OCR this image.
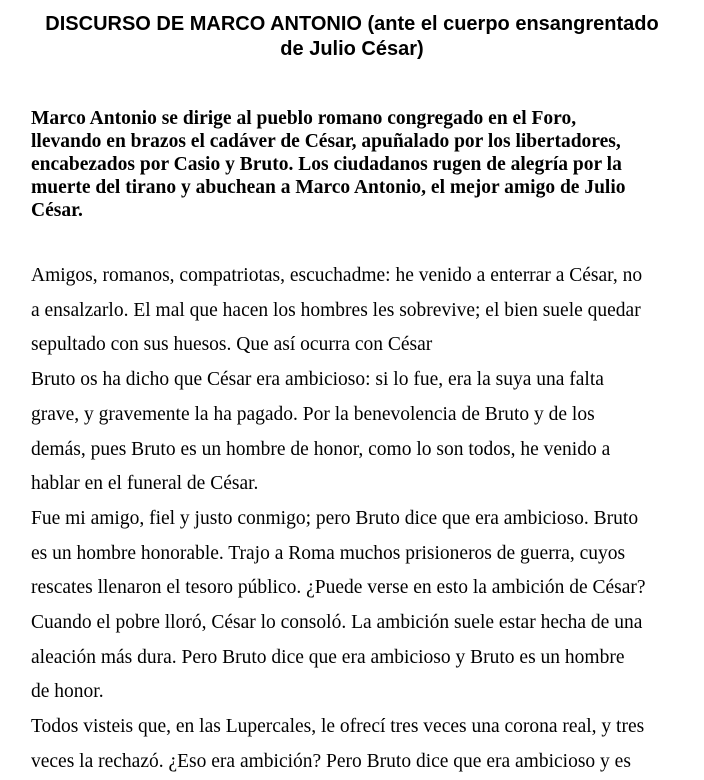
DISCURSO DE MARCO ANTONIO (ante el cuerpo ensangrentado
de Julio César)

Marco Antonio se dirige al pueblo romano congregado en el Foro,
llevando en brazos el cadáver de César, apuñalado por los libertadores,
encabezados por Casio y Bruto. Los ciudadanos rugen de alegría por la
muerte del tirano y abuchean a Marco Antonio, el mejor amigo de Julio
César.

Amigos, romanos, compatriotas, escuchadme: he venido a enterrar a César, no
a ensalzarlo. El mal que hacen los hombres les sobrevive; el bien suele quedar
sepultado con sus huesos. Que así ocurra con César
Bruto os ha dicho que César era ambicioso: si lo fue, era la suya una falta
grave, y gravemente la ha pagado. Por la benevolencia de Bruto y de los
demás, pues Bruto es un hombre de honor, como lo son todos, he venido a
hablar en el funeral de César.
Fue mi amigo, fiel y justo conmigo; pero Bruto dice que era ambicioso. Bruto
es un hombre honorable. Trajo a Roma muchos prisioneros de guerra, cuyos
rescates llenaron el tesoro público. ¿Puede verse en esto la ambición de César?
Cuando el pobre lloró, César lo consoló. La ambición suele estar hecha de una
aleación más dura. Pero Bruto dice que era ambicioso y Bruto es un hombre
de honor.
Todos visteis que, en las Lupercales, le ofrecí tres veces una corona real, y tres
veces la rechazó. ¿Eso era ambición? Pero Bruto dice que era ambicioso y es
